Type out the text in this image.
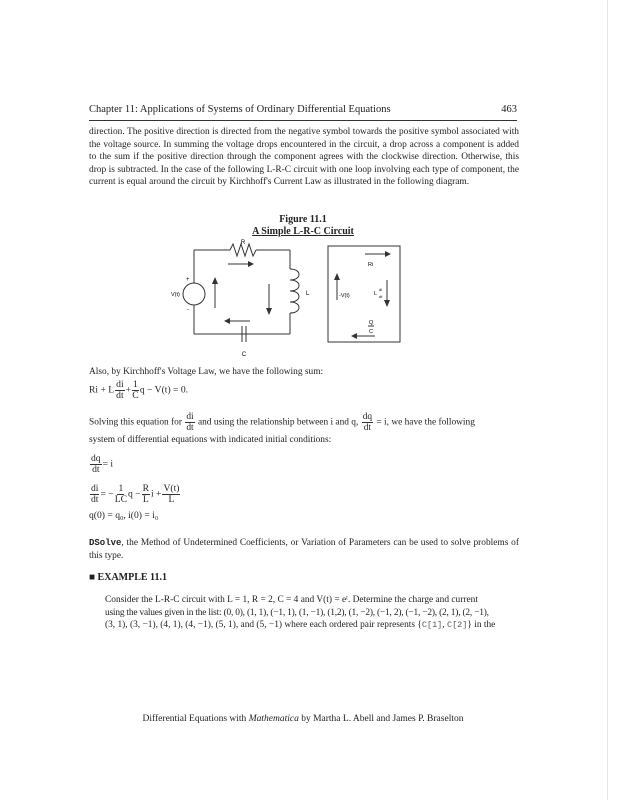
Chapter 11: Applications of Systems of Ordinary Differential Equations	463
direction. The positive direction is directed from the negative symbol towards the positive symbol associated with the voltage source. In summing the voltage drops encountered in the circuit, a drop across a component is added to the sum if the positive direction through the component agrees with the clockwise direction. Otherwise, this drop is subtracted. In the case of the following L-R-C circuit with one loop involving each type of component, the current is equal around the circuit by Kirchhoff's Current Law as illustrated in the following diagram.
Figure 11.1
A Simple L-R-C Circuit
R
L
C
V(t)
+
-
Ri
-V(t)	L
di
dt
Q
C
Also, by Kirchhoff's Voltage Law, we have the following sum:
Ri + L $\frac{di}{dt} + \frac{1}{C}$ q − V(t) = 0.
Solving this equation for $\frac{di}{dt}$ and using the relationship between i and q, $\frac{dq}{dt} = i$, we have the following
system of differential equations with indicated initial conditions:
$\frac{dq}{dt} = i$
$\frac{di}{dt}$ = − $\frac{1}{LC}$ $q - \frac{R}{L}$ $i + \frac{V(t)}{L}$
q(0) = q₀, i(0) = i₀
DSolve, the Method of Undetermined Coefficients, or Variation of Parameters can be used to solve problems of this type.
■ EXAMPLE 11.1
Consider the L-R-C circuit with L = 1, R = 2, C = 4 and V(t) = eᵗ. Determine the charge and current
using the values given in the list: (0, 0), (1, 1), (−1, 1), (1, −1), (1,2), (1, −2), (−1, 2), (−1, −2), (2, 1), (2, −1),
(3, 1), (3, −1), (4, 1), (4, −1), (5, 1), and (5, −1) where each ordered pair represents {C[1], C[2]} in the
Differential Equations with Mathematica by Martha L. Abell and James P. Braselton
